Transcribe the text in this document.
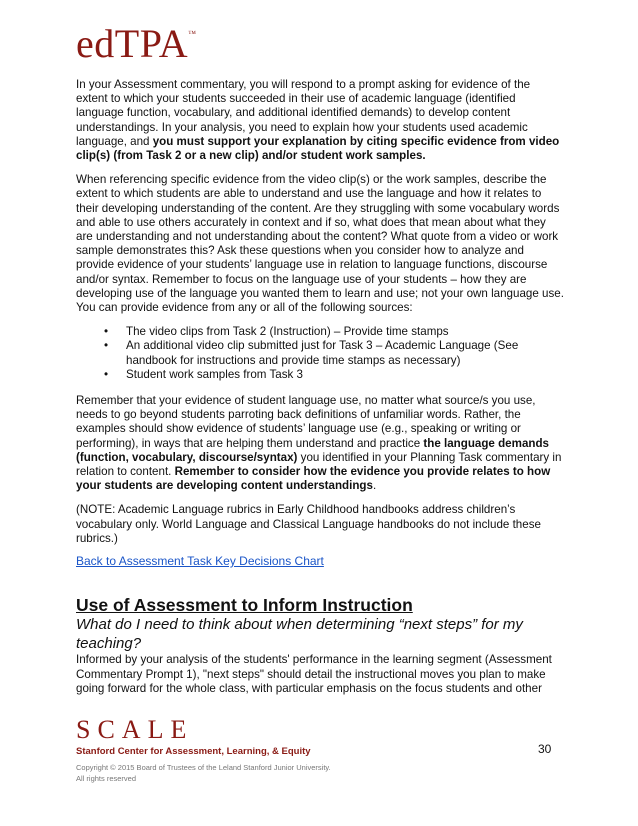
edTPA™

In your Assessment commentary, you will respond to a prompt asking for evidence of the extent to which your students succeeded in their use of academic language (identified language function, vocabulary, and additional identified demands) to develop content understandings. In your analysis, you need to explain how your students used academic language, and you must support your explanation by citing specific evidence from video clip(s) (from Task 2 or a new clip) and/or student work samples.

When referencing specific evidence from the video clip(s) or the work samples, describe the extent to which students are able to understand and use the language and how it relates to their developing understanding of the content. Are they struggling with some vocabulary words and able to use others accurately in context and if so, what does that mean about what they are understanding and not understanding about the content? What quote from a video or work sample demonstrates this? Ask these questions when you consider how to analyze and provide evidence of your students’ language use in relation to language functions, discourse and/or syntax. Remember to focus on the language use of your students – how they are developing use of the language you wanted them to learn and use; not your own language use.

You can provide evidence from any or all of the following sources:

• The video clips from Task 2 (Instruction) – Provide time stamps
• An additional video clip submitted just for Task 3 – Academic Language (See handbook for instructions and provide time stamps as necessary)
• Student work samples from Task 3

Remember that your evidence of student language use, no matter what source/s you use, needs to go beyond students parroting back definitions of unfamiliar words. Rather, the examples should show evidence of students’ language use (e.g., speaking or writing or performing), in ways that are helping them understand and practice the language demands (function, vocabulary, discourse/syntax) you identified in your Planning Task commentary in relation to content. Remember to consider how the evidence you provide relates to how your students are developing content understandings.

(NOTE: Academic Language rubrics in Early Childhood handbooks address children’s vocabulary only. World Language and Classical Language handbooks do not include these rubrics.)

Back to Assessment Task Key Decisions Chart
Use of Assessment to Inform Instruction

What do I need to think about when determining “next steps” for my teaching?

Informed by your analysis of the students' performance in the learning segment (Assessment Commentary Prompt 1), "next steps" should detail the instructional moves you plan to make going forward for the whole class, with particular emphasis on the focus students and other

SCALE
Stanford Center for Assessment, Learning, & Equity	30
Copyright © 2015 Board of Trustees of the Leland Stanford Junior University.
All rights reserved
